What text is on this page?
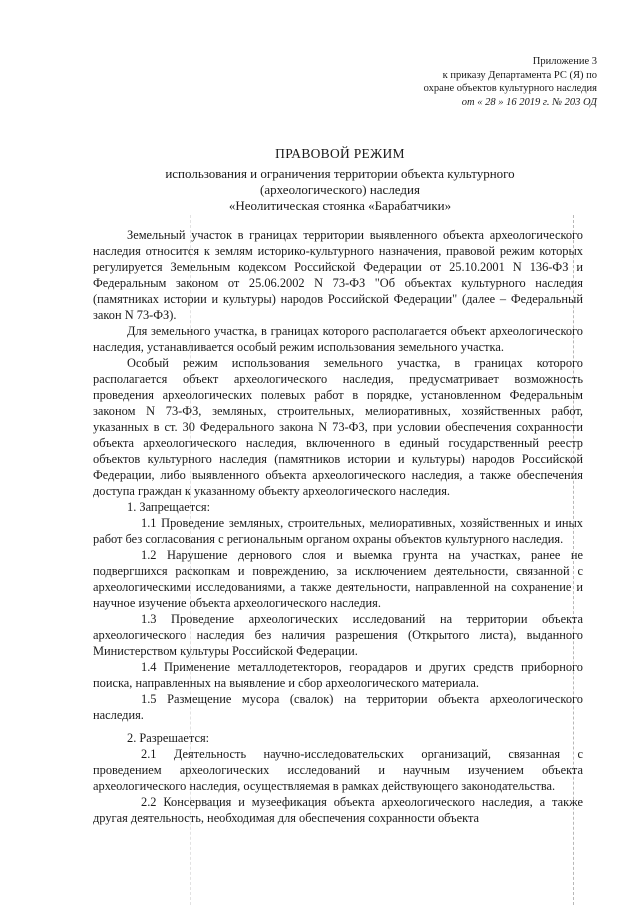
Приложение 3
к приказу Департамента РС (Я) по
охране объектов культурного наследия
от « 28 » 16 2019 г. № 203 ОД
ПРАВОВОЙ РЕЖИМ
использования и ограничения территории объекта культурного
(археологического) наследия
«Неолитическая стоянка «Барабатчики»

Земельный участок в границах территории выявленного объекта археологического наследия относится к землям историко-культурного назначения, правовой режим которых регулируется Земельным кодексом Российской Федерации от 25.10.2001 N 136-ФЗ и Федеральным законом от 25.06.2002 N 73-ФЗ "Об объектах культурного наследия (памятниках истории и культуры) народов Российской Федерации" (далее – Федеральный закон N 73-ФЗ).

Для земельного участка, в границах которого располагается объект археологического наследия, устанавливается особый режим использования земельного участка.

Особый режим использования земельного участка, в границах которого располагается объект археологического наследия, предусматривает возможность проведения археологических полевых работ в порядке, установленном Федеральным законом N 73-ФЗ, земляных, строительных, мелиоративных, хозяйственных работ, указанных в ст. 30 Федерального закона N 73-ФЗ, при условии обеспечения сохранности объекта археологического наследия, включенного в единый государственный реестр объектов культурного наследия (памятников истории и культуры) народов Российской Федерации, либо выявленного объекта археологического наследия, а также обеспечения доступа граждан к указанному объекту археологического наследия.

1. Запрещается:

1.1 Проведение земляных, строительных, мелиоративных, хозяйственных и иных работ без согласования с региональным органом охраны объектов культурного наследия.

1.2 Нарушение дернового слоя и выемка грунта на участках, ранее не подвергшихся раскопкам и повреждению, за исключением деятельности, связанной с археологическими исследованиями, а также деятельности, направленной на сохранение и научное изучение объекта археологического наследия.

1.3 Проведение археологических исследований на территории объекта археологического наследия без наличия разрешения (Открытого листа), выданного Министерством культуры Российской Федерации.

1.4 Применение металлодетекторов, георадаров и других средств приборного поиска, направленных на выявление и сбор археологического материала.

1.5 Размещение мусора (свалок) на территории объекта археологического наследия.

2. Разрешается:

2.1 Деятельность научно-исследовательских организаций, связанная с проведением археологических исследований и научным изучением объекта археологического наследия, осуществляемая в рамках действующего законодательства.

2.2 Консервация и музеефикация объекта археологического наследия, а также другая деятельность, необходимая для обеспечения сохранности объекта
